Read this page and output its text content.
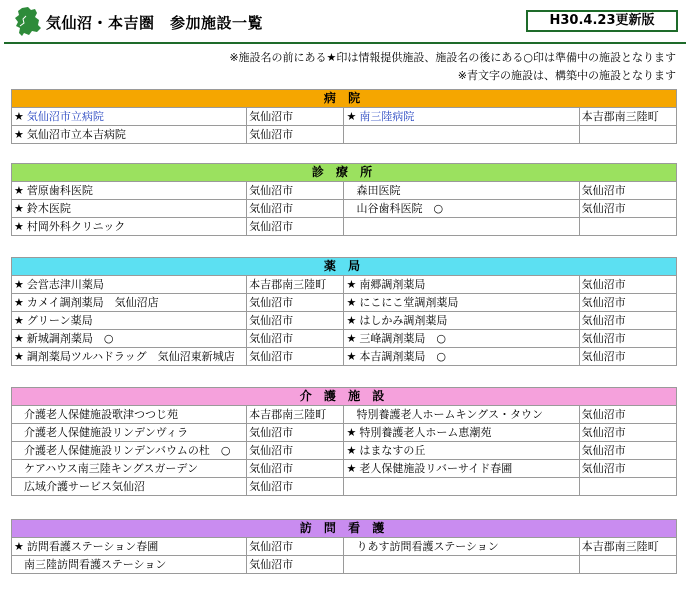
気仙沼・本吉圏　参加施設一覧	H30.4.23更新版
※施設名の前にある★印は情報提供施設、施設名の後にある○印は準備中の施設となります
※青文字の施設は、構築中の施設となります
病 院			
★ 気仙沼市立病院	気仙沼市	★ 南三陸病院	本吉郡南三陸町
★ 気仙沼市立本吉病院	気仙沼市		
診 療 所			
★ 菅原歯科医院	気仙沼市	森田医院	気仙沼市
★ 鈴木医院	気仙沼市	山谷歯科医院　○	気仙沼市
★ 村岡外科クリニック	気仙沼市		
薬 局			
★ 会営志津川薬局	本吉郡南三陸町	★ 南郷調剤薬局	気仙沼市
★ カメイ調剤薬局　気仙沼店	気仙沼市	★ にこにこ堂調剤薬局	気仙沼市
★ グリーン薬局	気仙沼市	★ はしかみ調剤薬局	気仙沼市
★ 新城調剤薬局　○	気仙沼市	★ 三峰調剤薬局　○	気仙沼市
★ 調剤薬局ツルハドラッグ　気仙沼東新城店	気仙沼市	★ 本吉調剤薬局　○	気仙沼市
介 護 施 設			
介護老人保健施設歌津つつじ苑	本吉郡南三陸町	特別養護老人ホームキングス・タウン	気仙沼市
介護老人保健施設リンデンヴィラ	気仙沼市	★ 特別養護老人ホーム恵潮苑	気仙沼市
介護老人保健施設リンデンバウムの杜　○	気仙沼市	★ はまなすの丘	気仙沼市
ケアハウス南三陸キングスガーデン	気仙沼市	★ 老人保健施設リバーサイド春圃	気仙沼市
広域介護サービス気仙沼	気仙沼市		
訪 問 看 護			
★ 訪問看護ステーション春圃	気仙沼市	りあす訪問看護ステーション	本吉郡南三陸町
南三陸訪問看護ステーション	気仙沼市		
